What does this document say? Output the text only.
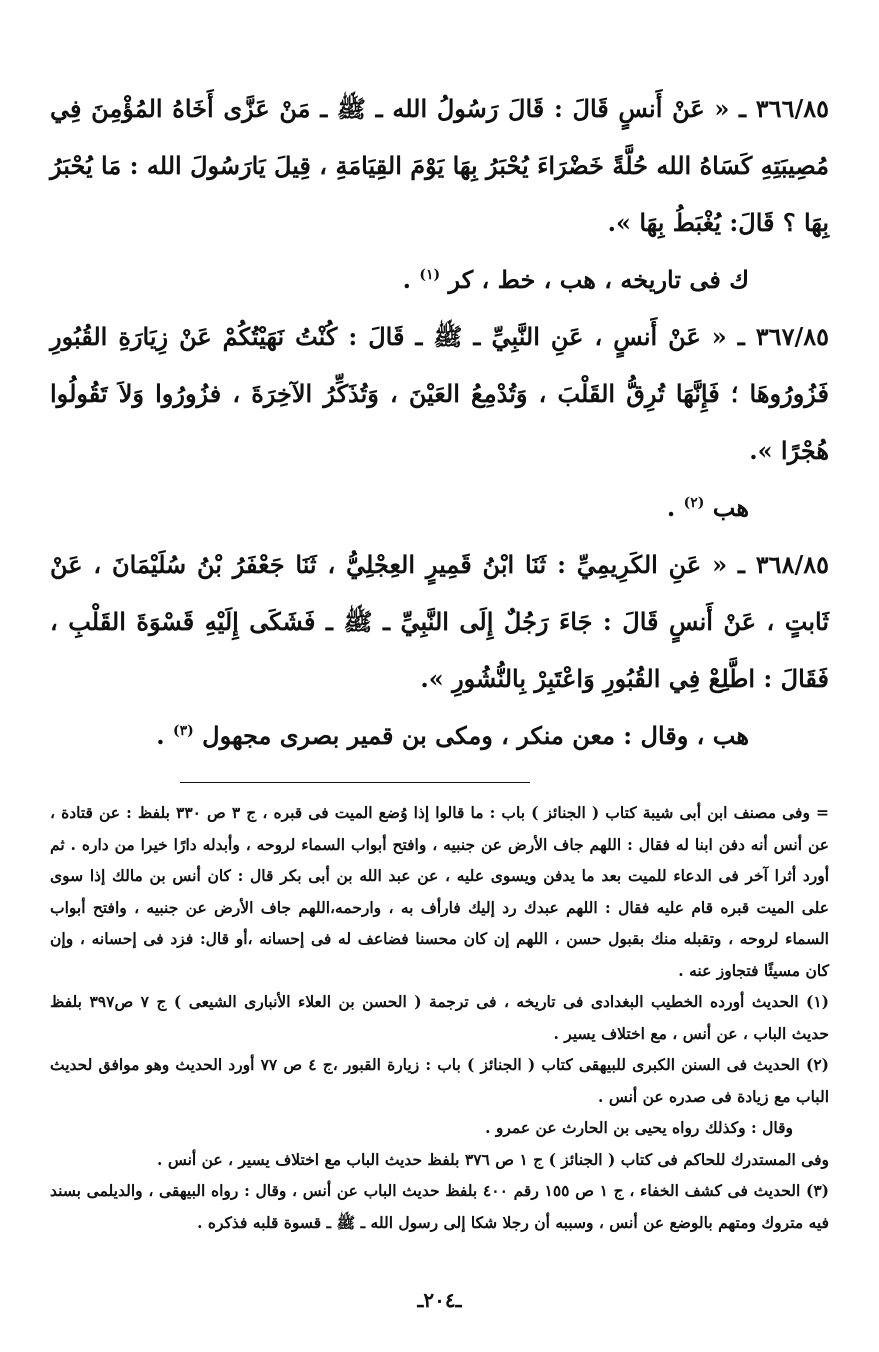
٣٦٦/٨٥ ـ « عَنْ أَنسٍ قَالَ : قَالَ رَسُولُ الله ـ ﷺ ـ مَنْ عَزَّى أَخَاهُ المُؤْمِنَ فِي مُصِيبَتِهِ كَسَاهُ الله حُلَّةً خَضْرَاءَ يُحْبَرُ بِهَا يَوْمَ القِيَامَةِ ، قِيلَ يَارَسُولَ الله : مَا يُحْبَرُ بِهَا ؟ قَالَ: يُغْبَطُ بِهَا ».

ك فى تاريخه ، هب ، خط ، كر $^{(١)}$ .

٣٦٧/٨٥ ـ « عَنْ أَنسٍ ، عَنِ النَّبِيِّ ـ ﷺ ـ قَالَ : كُنْتُ نَهَيْتُكُمْ عَنْ زِيَارَةِ القُبُورِ فَزُورُوهَا ؛ فَإِنَّهَا تُرِقُّ القَلْبَ ، وَتُدْمِعُ العَيْنَ ، وَتُذَكِّرُ الآخِرَةَ ، فزُورُوا وَلاَ تَقُولُوا هُجْرًا ».

هب $^{(٢)}$ .

٣٦٨/٨٥ ـ « عَنِ الكَرِيمِيِّ : ثَنَا ابْنُ قَمِيرٍ العِجْلِيُّ ، ثَنَا جَعْفَرُ بْنُ سُلَيْمَانَ ، عَنْ ثَابتٍ ، عَنْ أَنسٍ قَالَ : جَاءَ رَجُلٌ إِلَى النَّبِيِّ ـ ﷺ ـ فَشَكَى إِلَيْهِ قَسْوَةَ القَلْبِ ، فَقَالَ : اطَّلِعْ فِي القُبُورِ وَاعْتَبِرْ بِالنُّشُورِ ».

هب ، وقال : معن منكر ، ومكى بن قمير بصرى مجهول $^{(٣)}$ .

= وفى مصنف ابن أبى شيبة كتاب ( الجنائز ) باب : ما قالوا إذا وُضع الميت فى قبره ، ج ٣ ص ٣٣٠ بلفظ : عن قتادة ، عن أنس أنه دفن ابنا له فقال : اللهم جاف الأرض عن جنبيه ، وافتح أبواب السماء لروحه ، وأبدله دارًا خيرا من داره . ثم أورد أثرا آخر فى الدعاء للميت بعد ما يدفن ويسوى عليه ، عن عبد الله بن أبى بكر قال : كان أنس بن مالك إذا سوى على الميت قبره قام عليه فقال : اللهم عبدك رد إليك فارأف به ، وارحمه،اللهم جاف الأرض عن جنبيه ، وافتح أبواب السماء لروحه ، وتقبله منك بقبول حسن ، اللهم إن كان محسنا فضاعف له فى إحسانه ،أو قال: فزد فى إحسانه ، وإن كان مسيئًا فتجاوز عنه .

(١) الحديث أورده الخطيب البغدادى فى تاريخه ، فى ترجمة ( الحسن بن العلاء الأنبارى الشيعى ) ج ٧ ص٣٩٧ بلفظ حديث الباب ، عن أنس ، مع اختلاف يسير .

(٢) الحديث فى السنن الكبرى للبيهقى كتاب ( الجنائز ) باب : زيارة القبور ،ج ٤ ص ٧٧ أورد الحديث وهو موافق لحديث الباب مع زيادة فى صدره عن أنس .

وقال : وكذلك رواه يحيى بن الحارث عن عمرو .

وفى المستدرك للحاكم فى كتاب ( الجنائز ) ج ١ ص ٣٧٦ بلفظ حديث الباب مع اختلاف يسير ، عن أنس .

(٣) الحديث فى كشف الخفاء ، ج ١ ص ١٥٥ رقم ٤٠٠ بلفظ حديث الباب عن أنس ، وقال : رواه البيهقى ، والديلمى بسند فيه متروك ومتهم بالوضع عن أنس ، وسببه أن رجلا شكا إلى رسول الله ـ ﷺ ـ قسوة قلبه فذكره .

ـ٢٠٤ـ
